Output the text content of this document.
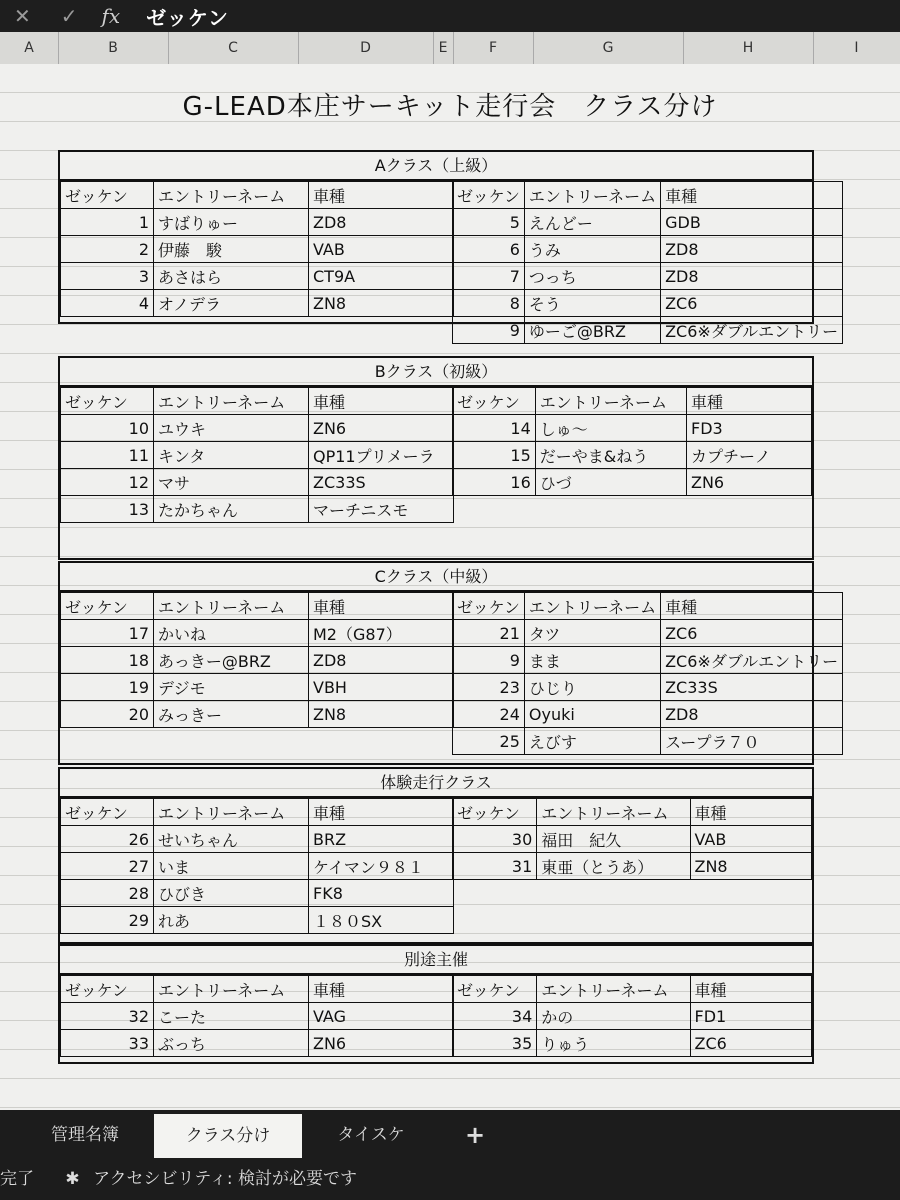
✕ ✓ fx ゼッケン
A	B	C	D	E	F	G	H	I
G-LEAD本庄サーキット走行会　クラス分け
Aクラス（上級）
ゼッケン	エントリーネーム	車種
1	すばりゅー	ZD8
2	伊藤　駿	VAB
3	あさはら	CT9A
4	オノデラ	ZN8
ゼッケン	エントリーネーム	車種
5	えんどー	GDB
6	うみ	ZD8
7	つっち	ZD8
8	そう	ZC6
9	ゆーご@BRZ	ZC6※ダブルエントリー
Bクラス（初級）
ゼッケン	エントリーネーム	車種
10	ユウキ	ZN6
11	キンタ	QP11プリメーラ
12	マサ	ZC33S
13	たかちゃん	マーチニスモ
ゼッケン	エントリーネーム	車種
14	しゅ～	FD3
15	だーやま&ねう	カプチーノ
16	ひづ	ZN6
Cクラス（中級）
ゼッケン	エントリーネーム	車種
17	かいね	M2（G87）
18	あっきー@BRZ	ZD8
19	デジモ	VBH
20	みっきー	ZN8
ゼッケン	エントリーネーム	車種
21	タツ	ZC6
9	まま	ZC6※ダブルエントリー
23	ひじり	ZC33S
24	Oyuki	ZD8
25	えびす	スープラ７０
体験走行クラス
ゼッケン	エントリーネーム	車種
26	せいちゃん	BRZ
27	いま	ケイマン９８１
28	ひびき	FK8
29	れあ	１８０SX
ゼッケン	エントリーネーム	車種
30	福田　紀久	VAB
31	東亜（とうあ）	ZN8
別途主催
ゼッケン	エントリーネーム	車種
32	こーた	VAG
33	ぶっち	ZN6
ゼッケン	エントリーネーム	車種
34	かの	FD1
35	りゅう	ZC6
管理名簿	クラス分け	タイスケ	+
完了 ✱ アクセシビリティ: 検討が必要です
